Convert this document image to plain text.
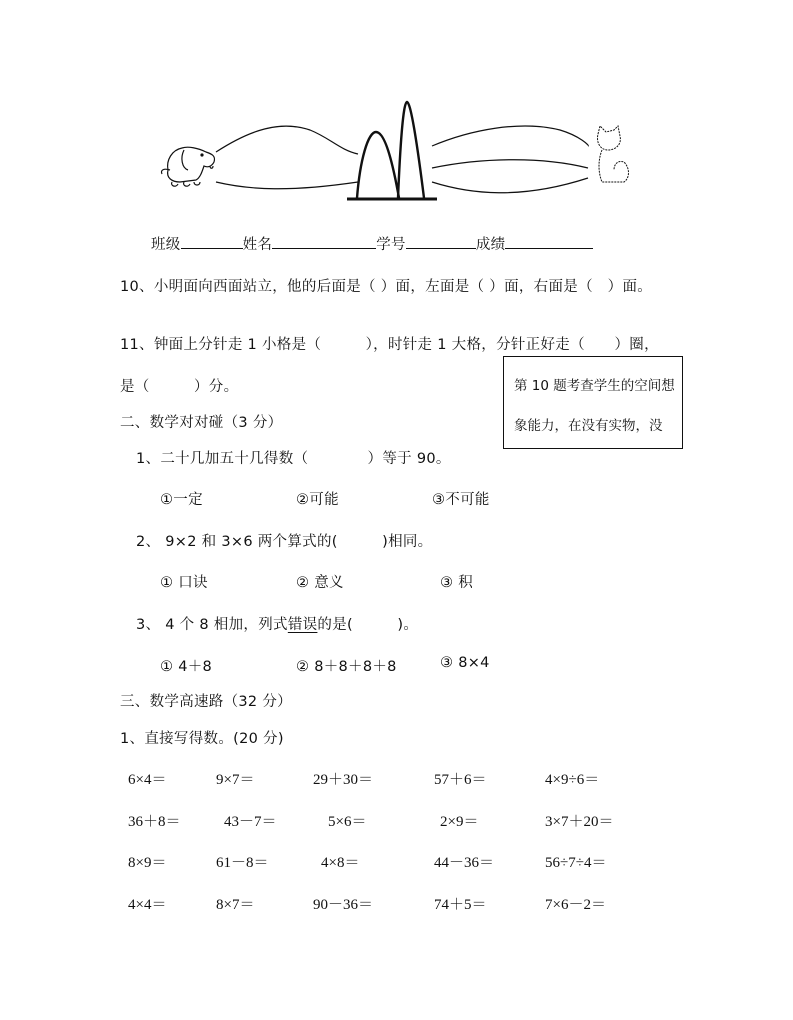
班级	姓名	学号	成绩
10、小明面向西面站立，他的后面是（ ）面，左面是（ ）面，右面是（　）面。
11、钟面上分针走 1 小格是（　　　），时针走 1 大格，分针正好走（　　）圈，
是（　　　）分。	第 10 题考查学生的空间想
象能力，在没有实物，没
二、数学对对碰（3 分）
1、二十几加五十几得数（　　　　）等于 90。
①一定	②可能	③不可能
2、 9×2 和 3×6 两个算式的(　　　)相同。
① 口诀	② 意义	③ 积
3、 4 个 8 相加，列式错误的是(　　　)。
① 4＋8	② 8＋8＋8＋8	③ 8×4
三、数学高速路（32 分）
1、直接写得数。(20 分)
6×4＝	9×7＝	29＋30＝	57＋6＝	4×9÷6＝
36＋8＝	43－7＝	5×6＝	2×9＝	3×7＋20＝
8×9＝	61－8＝	4×8＝	44－36＝	56÷7÷4＝
4×4＝	8×7＝	90－36＝	74＋5＝	7×6－2＝
